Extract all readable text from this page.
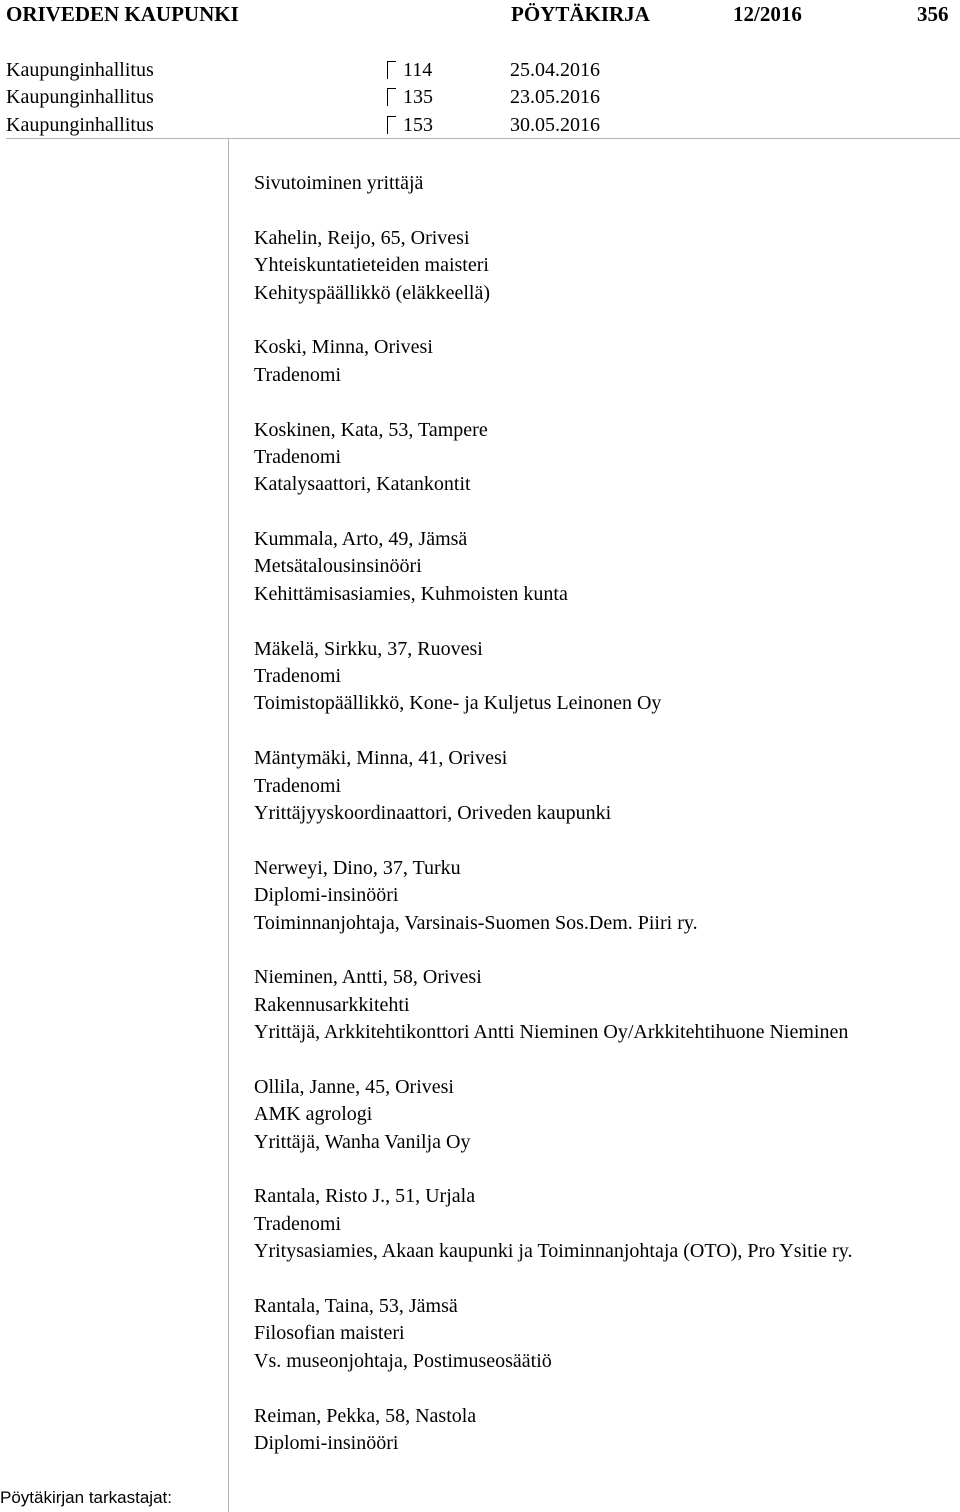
ORIVEDEN KAUPUNKI	PÖYTÄKIRJA	12/2016	356
Kaupunginhallitus	114	25.04.2016
Kaupunginhallitus	135	23.05.2016
Kaupunginhallitus	153	30.05.2016
Sivutoiminen yrittäjä
Kahelin, Reijo, 65, Orivesi
Yhteiskuntatieteiden maisteri
Kehityspäällikkö (eläkkeellä)
Koski, Minna, Orivesi
Tradenomi
Koskinen, Kata, 53, Tampere
Tradenomi
Katalysaattori, Katankontit
Kummala, Arto, 49, Jämsä
Metsätalousinsinööri
Kehittämisasiamies, Kuhmoisten kunta
Mäkelä, Sirkku, 37, Ruovesi
Tradenomi
Toimistopäällikkö, Kone- ja Kuljetus Leinonen Oy
Mäntymäki, Minna, 41, Orivesi
Tradenomi
Yrittäjyyskoordinaattori, Oriveden kaupunki
Nerweyi, Dino, 37, Turku
Diplomi-insinööri
Toiminnanjohtaja, Varsinais-Suomen Sos.Dem. Piiri ry.
Nieminen, Antti, 58, Orivesi
Rakennusarkkitehti
Yrittäjä, Arkkitehtikonttori Antti Nieminen Oy/Arkkitehtihuone Nieminen
Ollila, Janne, 45, Orivesi
AMK agrologi
Yrittäjä, Wanha Vanilja Oy
Rantala, Risto J., 51, Urjala
Tradenomi
Yritysasiamies, Akaan kaupunki ja Toiminnanjohtaja (OTO), Pro Ysitie ry.
Rantala, Taina, 53, Jämsä
Filosofian maisteri
Vs. museonjohtaja, Postimuseosäätiö
Reiman, Pekka, 58, Nastola
Diplomi-insinööri
Pöytäkirjan tarkastajat:
